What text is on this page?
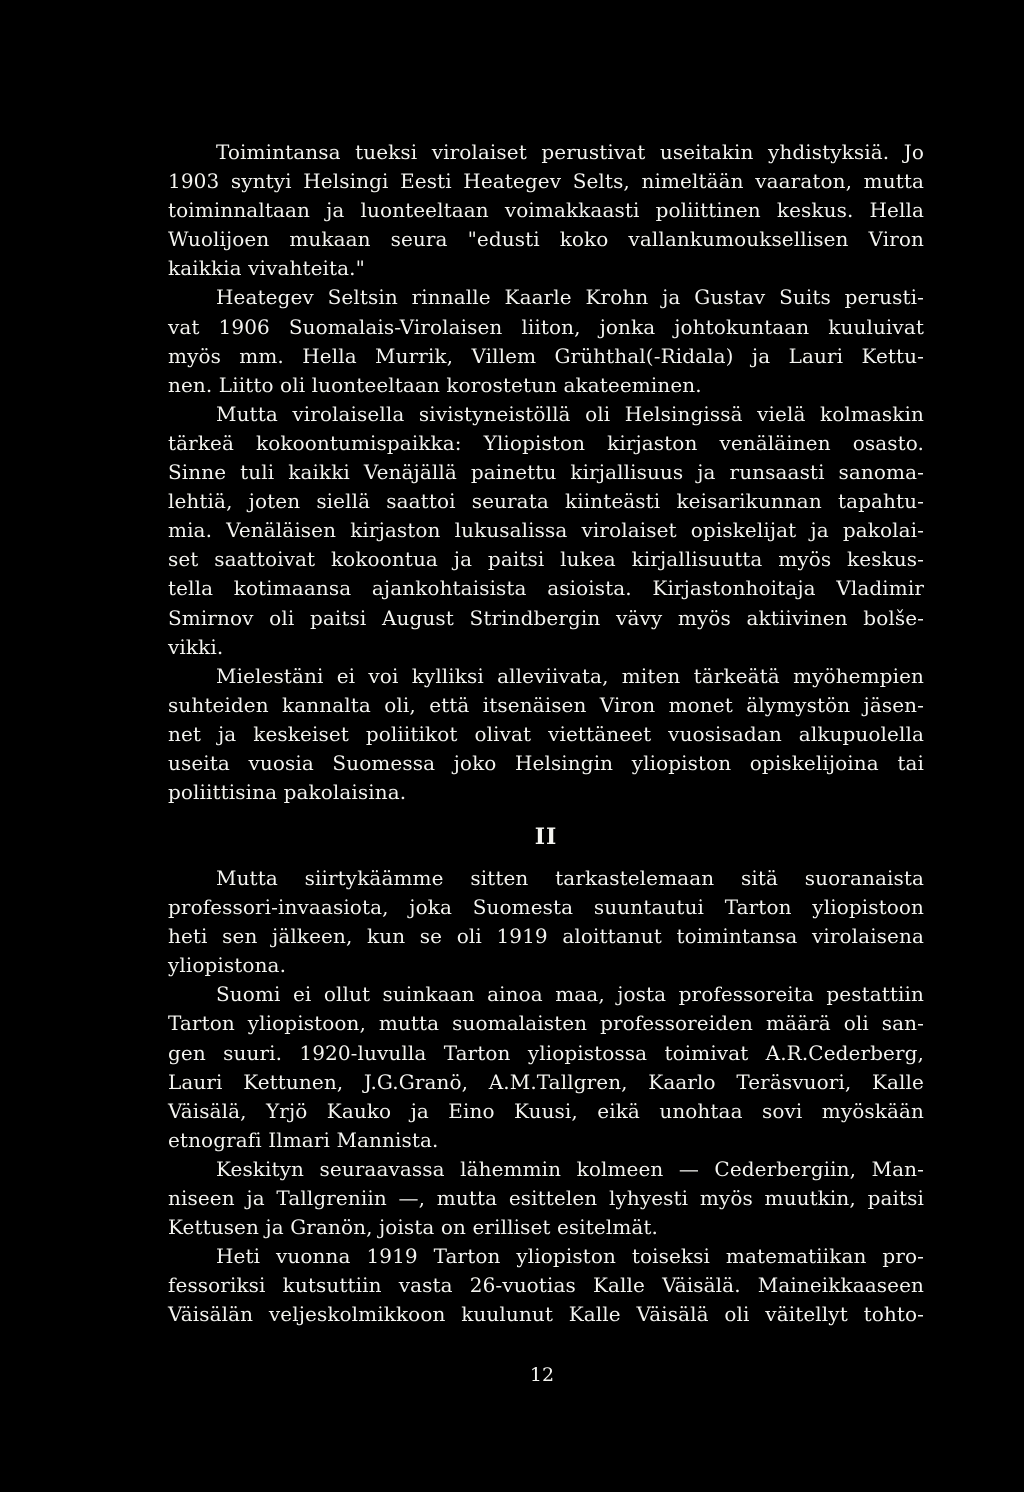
Toimintansa tueksi virolaiset perustivat useitakin yhdistyksiä. Jo
1903 syntyi Helsingi Eesti Heategev Selts, nimeltään vaaraton, mutta
toiminnaltaan ja luonteeltaan voimakkaasti poliittinen keskus. Hella
Wuolijoen mukaan seura "edusti koko vallankumouksellisen Viron
kaikkia vivahteita."
Heategev Seltsin rinnalle Kaarle Krohn ja Gustav Suits perusti-
vat 1906 Suomalais-Virolaisen liiton, jonka johtokuntaan kuuluivat
myös mm. Hella Murrik, Villem Grühthal(-Ridala) ja Lauri Kettu-
nen. Liitto oli luonteeltaan korostetun akateeminen.
Mutta virolaisella sivistyneistöllä oli Helsingissä vielä kolmaskin
tärkeä kokoontumispaikka: Yliopiston kirjaston venäläinen osasto.
Sinne tuli kaikki Venäjällä painettu kirjallisuus ja runsaasti sanoma-
lehtiä, joten siellä saattoi seurata kiinteästi keisarikunnan tapahtu-
mia. Venäläisen kirjaston lukusalissa virolaiset opiskelijat ja pakolai-
set saattoivat kokoontua ja paitsi lukea kirjallisuutta myös keskus-
tella kotimaansa ajankohtaisista asioista. Kirjastonhoitaja Vladimir
Smirnov oli paitsi August Strindbergin vävy myös aktiivinen bolše-
vikki.
Mielestäni ei voi kylliksi alleviivata, miten tärkeätä myöhempien
suhteiden kannalta oli, että itsenäisen Viron monet älymystön jäsen-
net ja keskeiset poliitikot olivat viettäneet vuosisadan alkupuolella
useita vuosia Suomessa joko Helsingin yliopiston opiskelijoina tai
poliittisina pakolaisina.
II
Mutta siirtykäämme sitten tarkastelemaan sitä suoranaista
professori-invaasiota, joka Suomesta suuntautui Tarton yliopistoon
heti sen jälkeen, kun se oli 1919 aloittanut toimintansa virolaisena
yliopistona.
Suomi ei ollut suinkaan ainoa maa, josta professoreita pestattiin
Tarton yliopistoon, mutta suomalaisten professoreiden määrä oli san-
gen suuri. 1920-luvulla Tarton yliopistossa toimivat A.R.Cederberg,
Lauri Kettunen, J.G.Granö, A.M.Tallgren, Kaarlo Teräsvuori, Kalle
Väisälä, Yrjö Kauko ja Eino Kuusi, eikä unohtaa sovi myöskään
etnografi Ilmari Mannista.
Keskityn seuraavassa lähemmin kolmeen — Cederbergiin, Man-
niseen ja Tallgreniin —, mutta esittelen lyhyesti myös muutkin, paitsi
Kettusen ja Granön, joista on erilliset esitelmät.
Heti vuonna 1919 Tarton yliopiston toiseksi matematiikan pro-
fessoriksi kutsuttiin vasta 26-vuotias Kalle Väisälä. Maineikkaaseen
Väisälän veljeskolmikkoon kuulunut Kalle Väisälä oli väitellyt tohto-
12
